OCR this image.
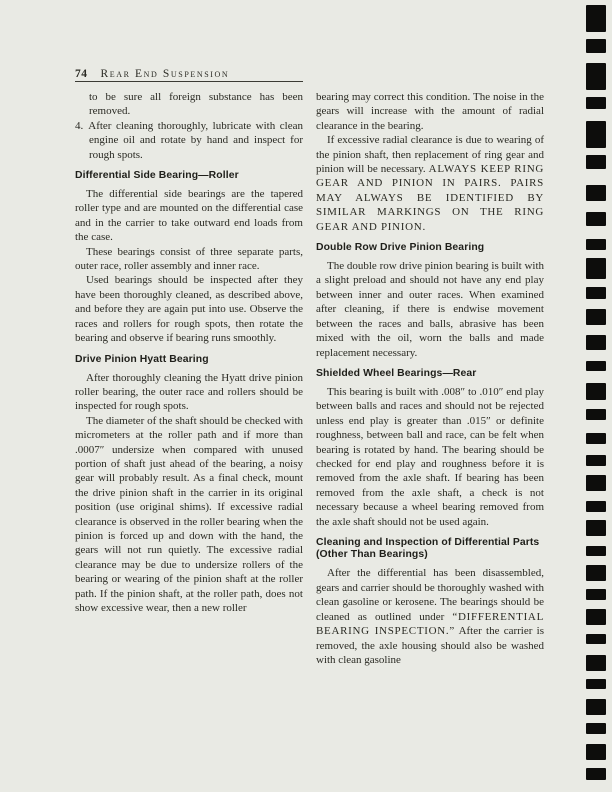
74 Rear End Suspension

to be sure all foreign substance has been removed.

4. After cleaning thoroughly, lubricate with clean engine oil and rotate by hand and inspect for rough spots.

Differential Side Bearing—Roller

The differential side bearings are the tapered roller type and are mounted on the differential case and in the carrier to take outward end loads from the case.

These bearings consist of three separate parts, outer race, roller assembly and inner race.

Used bearings should be inspected after they have been thoroughly cleaned, as described above, and before they are again put into use. Observe the races and rollers for rough spots, then rotate the bearing and observe if bearing runs smoothly.

Drive Pinion Hyatt Bearing

After thoroughly cleaning the Hyatt drive pinion roller bearing, the outer race and rollers should be inspected for rough spots.

The diameter of the shaft should be checked with micrometers at the roller path and if more than .0007″ undersize when compared with unused portion of shaft just ahead of the bearing, a noisy gear will probably result. As a final check, mount the drive pinion shaft in the carrier in its original position (use original shims). If excessive radial clearance is observed in the roller bearing when the pinion is forced up and down with the hand, the gears will not run quietly. The excessive radial clearance may be due to undersize rollers of the bearing or wearing of the pinion shaft at the roller path. If the pinion shaft, at the roller path, does not show excessive wear, then a new roller

bearing may correct this condition. The noise in the gears will increase with the amount of radial clearance in the bearing.

If excessive radial clearance is due to wearing of the pinion shaft, then replacement of ring gear and pinion will be necessary. ALWAYS KEEP RING GEAR AND PINION IN PAIRS. PAIRS MAY ALWAYS BE IDENTIFIED BY SIMILAR MARKINGS ON THE RING GEAR AND PINION.

Double Row Drive Pinion Bearing

The double row drive pinion bearing is built with a slight preload and should not have any end play between inner and outer races. When examined after cleaning, if there is endwise movement between the races and balls, abrasive has been mixed with the oil, worn the balls and made replacement necessary.

Shielded Wheel Bearings—Rear

This bearing is built with .008″ to .010″ end play between balls and races and should not be rejected unless end play is greater than .015″ or definite roughness, between ball and race, can be felt when bearing is rotated by hand. The bearing should be checked for end play and roughness before it is removed from the axle shaft. If bearing has been removed from the axle shaft, a check is not necessary because a wheel bearing removed from the axle shaft should not be used again.

Cleaning and Inspection of Differential Parts (Other Than Bearings)

After the differential has been disassembled, gears and carrier should be thoroughly washed with clean gasoline or kerosene. The bearings should be cleaned as outlined under “DIFFERENTIAL BEARING INSPECTION.” After the carrier is removed, the axle housing should also be washed with clean gasoline
